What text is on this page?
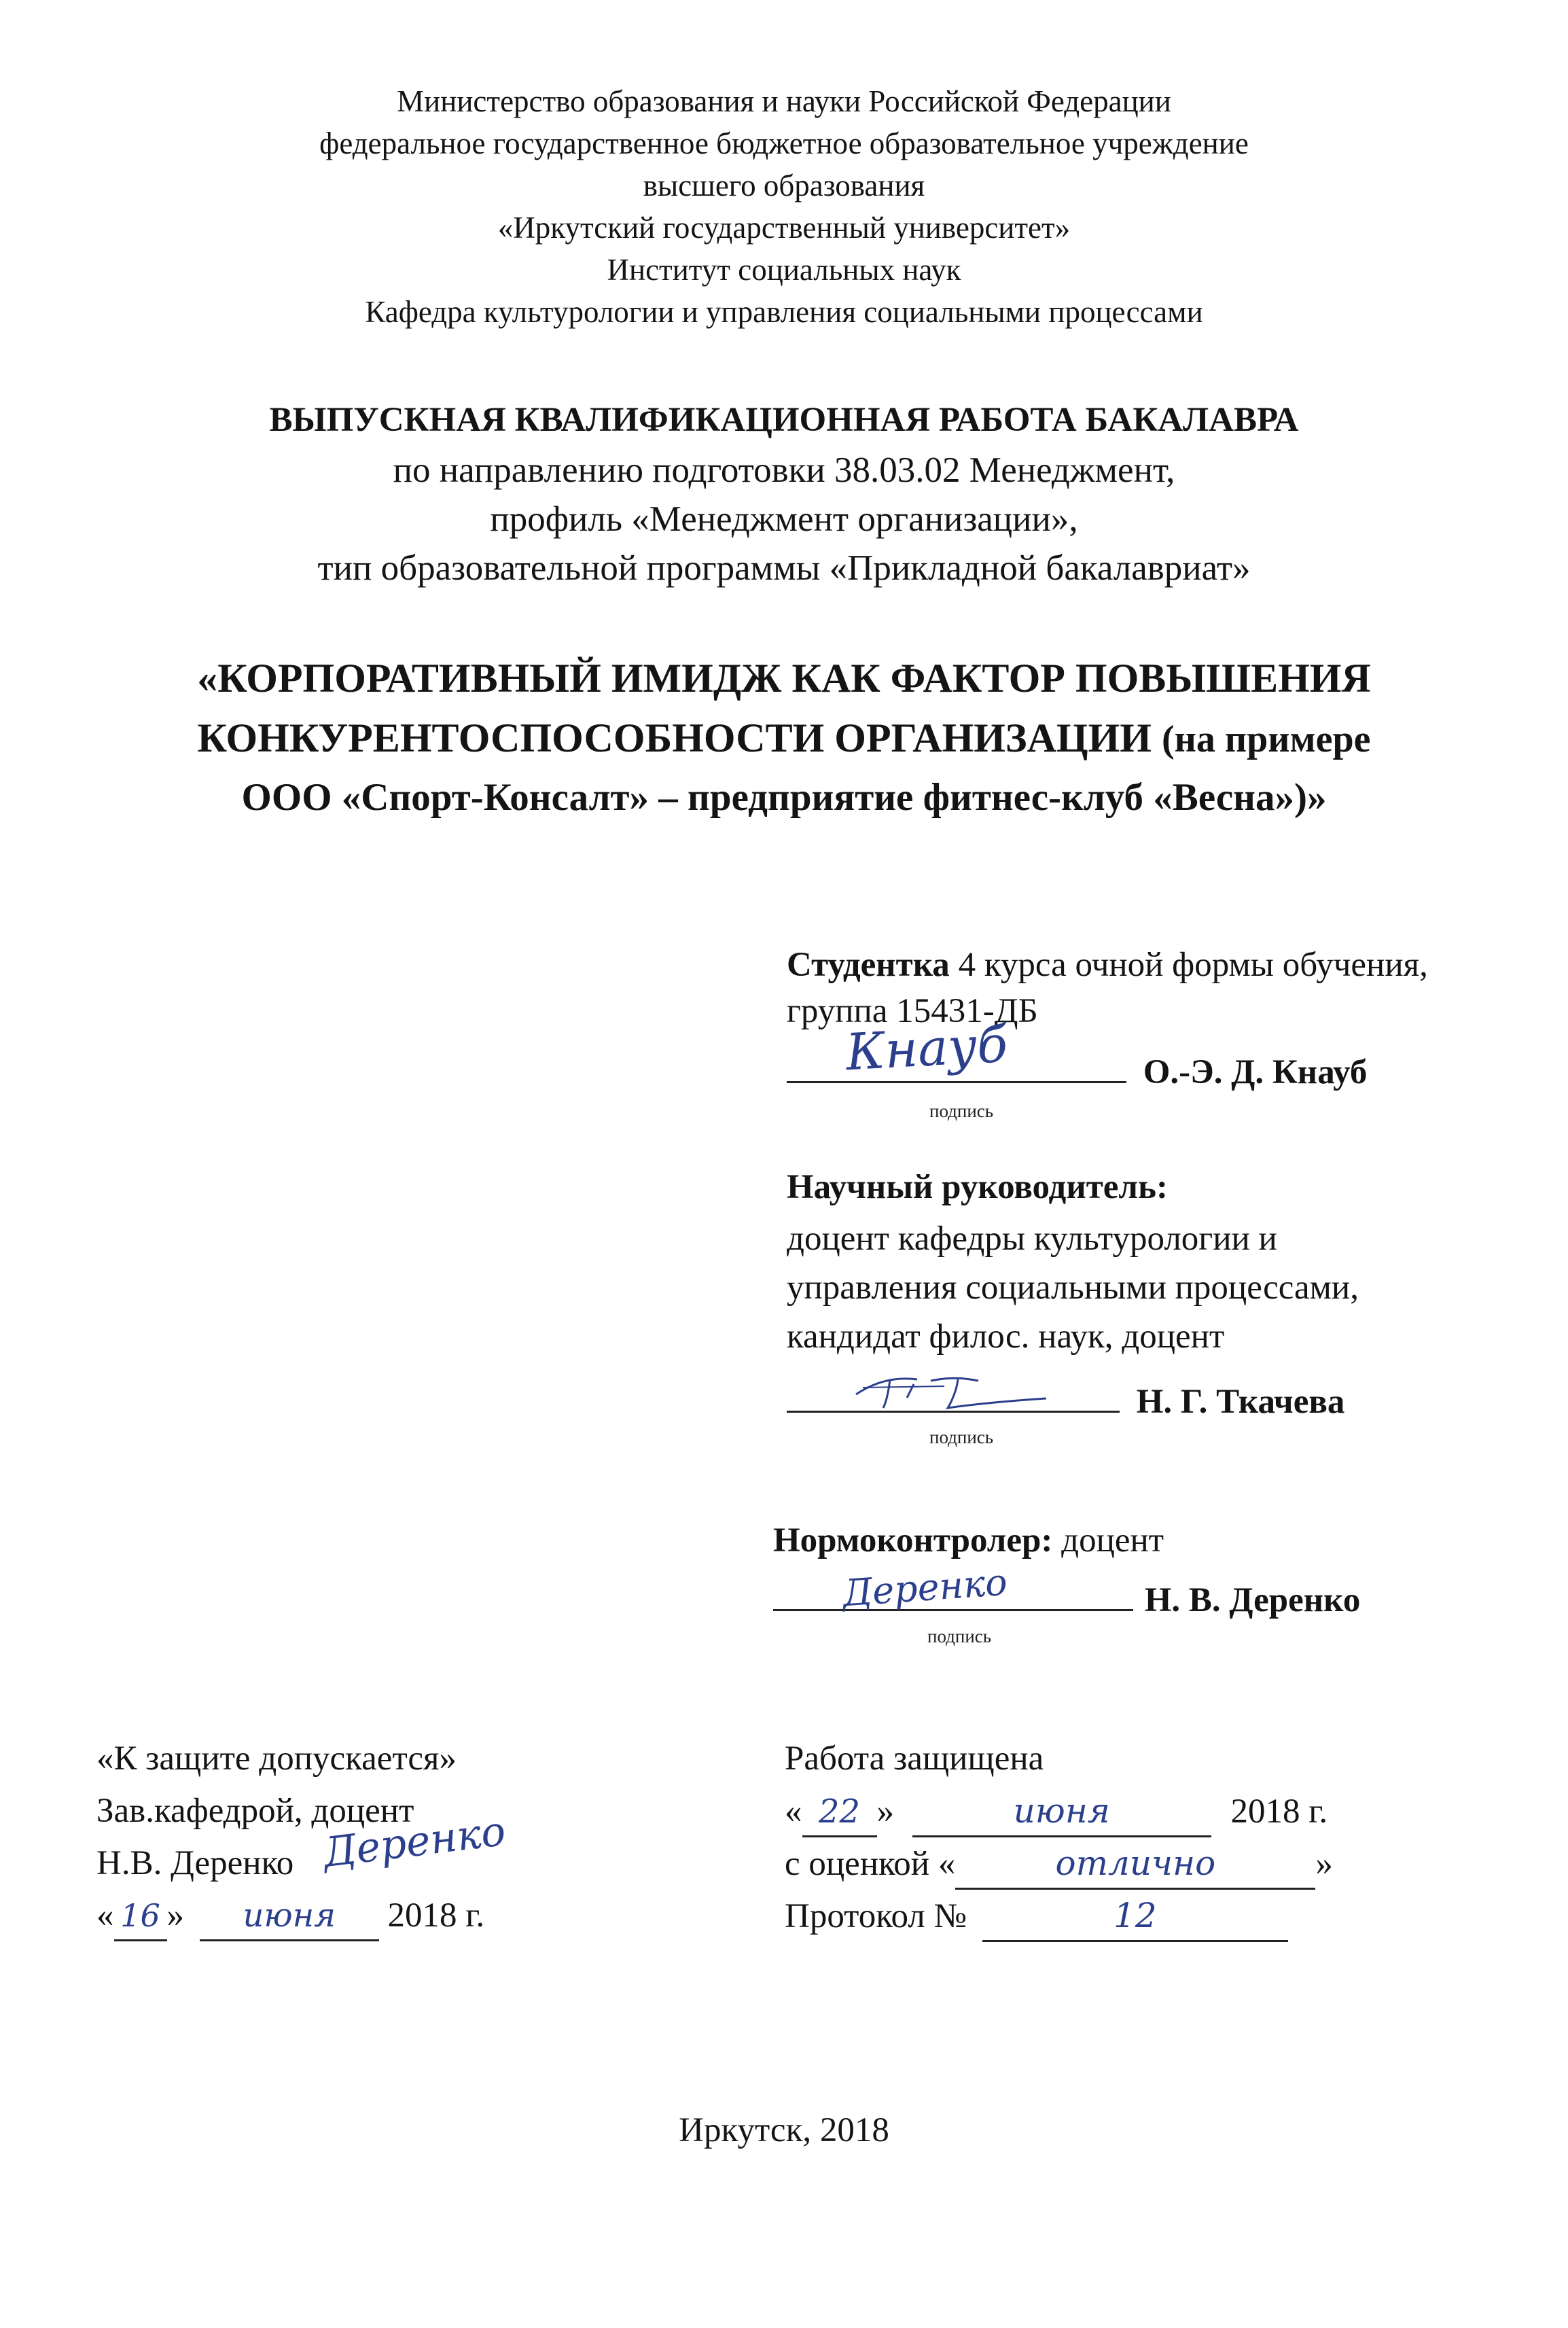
Министерство образования и науки Российской Федерации
федеральное государственное бюджетное образовательное учреждение
высшего образования
«Иркутский государственный университет»
Институт социальных наук
Кафедра культурологии и управления социальными процессами
ВЫПУСКНАЯ КВАЛИФИКАЦИОННАЯ РАБОТА БАКАЛАВРА
по направлению подготовки 38.03.02 Менеджмент,
профиль «Менеджмент организации»,
тип образовательной программы «Прикладной бакалавриат»
«КОРПОРАТИВНЫЙ ИМИДЖ КАК ФАКТОР ПОВЫШЕНИЯ
КОНКУРЕНТОСПОСОБНОСТИ ОРГАНИЗАЦИИ (на примере
ООО «Спорт-Консалт» – предприятие фитнес-клуб «Весна»)»
Студентка 4 курса очной формы обучения,
группа 15431-ДБ
О.-Э. Д. Кнауб
Кнауб
подпись
Научный руководитель:
доцент кафедры культурологии и
управления социальными процессами,
кандидат филос. наук, доцент
Н. Г. Ткачева
подпись
Нормоконтролер: доцент
Н. В. Деренко
Деренко
подпись
«К защите допускается»
Зав.кафедрой, доцент
Н.В. Деренко Деренко
« 16 » июня 2018 г.
Работа защищена
« 22 »	июня	2018 г.
с оценкой «	отлично	»
Протокол №	12
Иркутск, 2018
